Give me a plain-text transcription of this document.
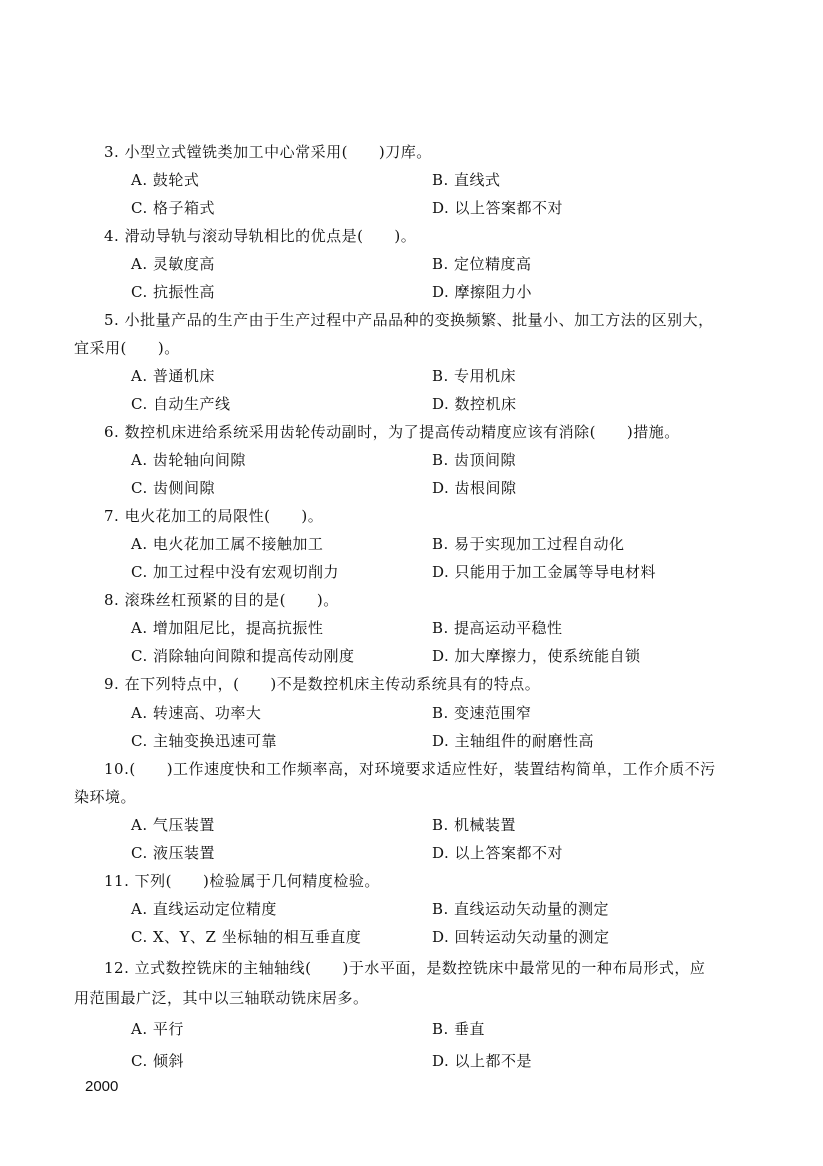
3. 小型立式镗铣类加工中心常采用(　　)刀库。
A. 鼓轮式	B. 直线式
C. 格子箱式	D. 以上答案都不对
4. 滑动导轨与滚动导轨相比的优点是(　　)。
A. 灵敏度高	B. 定位精度高
C. 抗振性高	D. 摩擦阻力小
5. 小批量产品的生产由于生产过程中产品品种的变换频繁、批量小、加工方法的区别大，
宜采用(　　)。
A. 普通机床	B. 专用机床
C. 自动生产线	D. 数控机床
6. 数控机床进给系统采用齿轮传动副时，为了提高传动精度应该有消除(　　)措施。
A. 齿轮轴向间隙	B. 齿顶间隙
C. 齿侧间隙	D. 齿根间隙
7. 电火花加工的局限性(　　)。
A. 电火花加工属不接触加工	B. 易于实现加工过程自动化
C. 加工过程中没有宏观切削力	D. 只能用于加工金属等导电材料
8. 滚珠丝杠预紧的目的是(　　)。
A. 增加阻尼比，提高抗振性	B. 提高运动平稳性
C. 消除轴向间隙和提高传动刚度	D. 加大摩擦力，使系统能自锁
9. 在下列特点中，(　　)不是数控机床主传动系统具有的特点。
A. 转速高、功率大	B. 变速范围窄
C. 主轴变换迅速可靠	D. 主轴组件的耐磨性高
10.(　　)工作速度快和工作频率高，对环境要求适应性好，装置结构简单，工作介质不污
染环境。
A. 气压装置	B. 机械装置
C. 液压装置	D. 以上答案都不对
11. 下列(　　)检验属于几何精度检验。
A. 直线运动定位精度	B. 直线运动矢动量的测定
C. X、Y、Z 坐标轴的相互垂直度	D. 回转运动矢动量的测定
12. 立式数控铣床的主轴轴线(　　)于水平面，是数控铣床中最常见的一种布局形式，应
用范围最广泛，其中以三轴联动铣床居多。
A. 平行	B. 垂直
C. 倾斜	D. 以上都不是
2000
